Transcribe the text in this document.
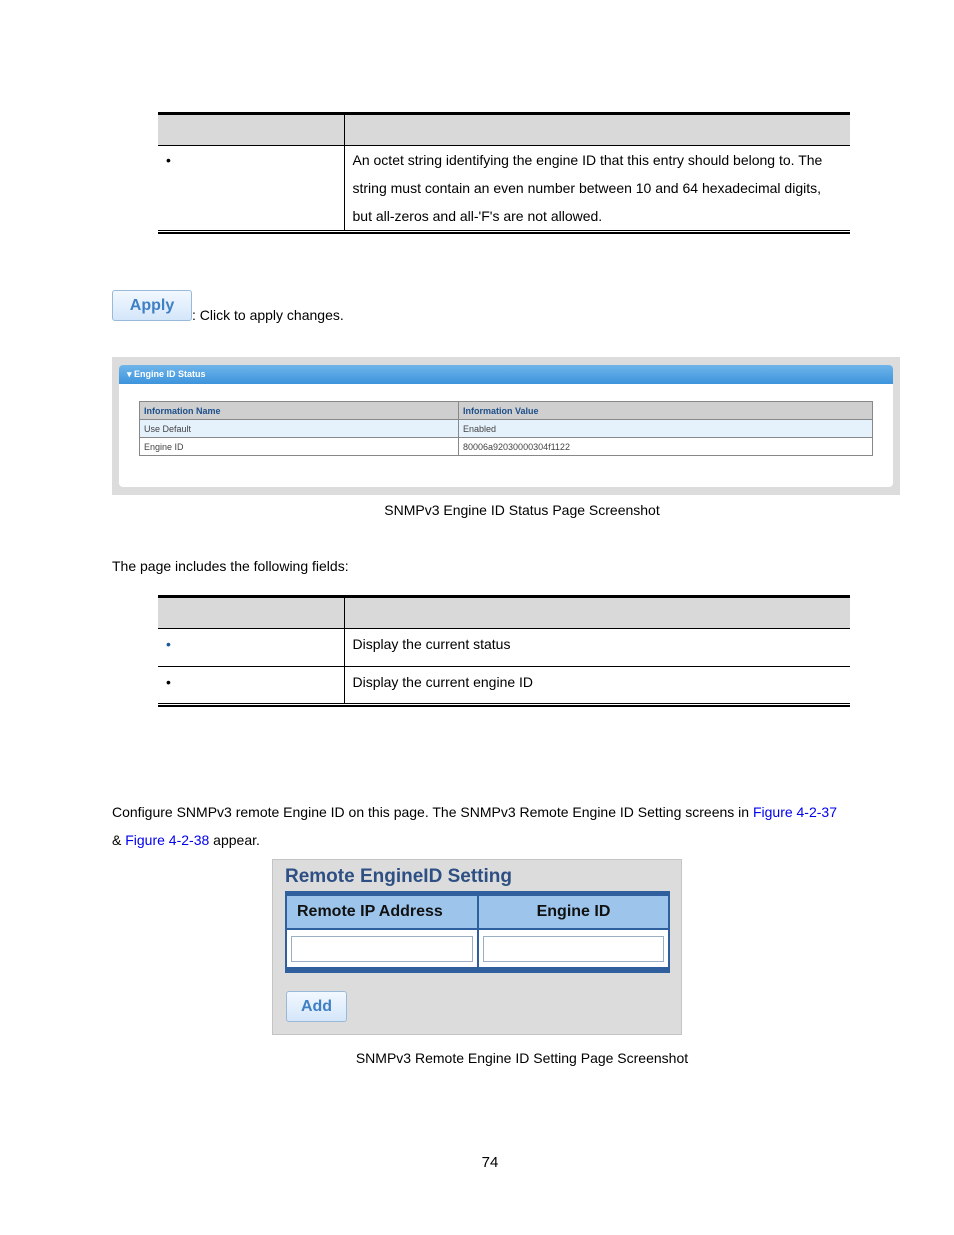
•	An octet string identifying the engine ID that this entry should belong to. The string must contain an even number between 10 and 64 hexadecimal digits, but all-zeros and all-'F's are not allowed.
Apply
: Click to apply changes.
▾ Engine ID Status
Information Name	Information Value
Use Default	Enabled
Engine ID	80006a92030000304f1122
SNMPv3 Engine ID Status Page Screenshot
The page includes the following fields:

•	Display the current status
•	Display the current engine ID
Configure SNMPv3 remote Engine ID on this page. The SNMPv3 Remote Engine ID Setting screens in Figure 4-2-37
& Figure 4-2-38 appear.
Remote EngineID Setting
Remote IP Address	Engine ID

Add
SNMPv3 Remote Engine ID Setting Page Screenshot
74
